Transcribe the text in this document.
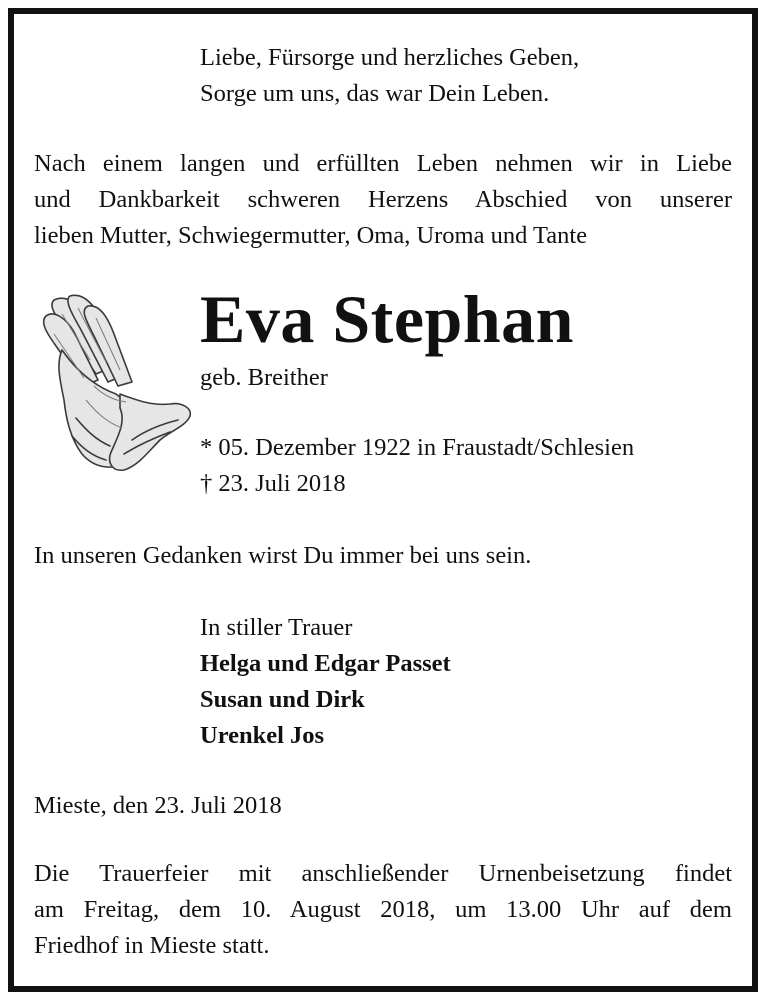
Liebe, Fürsorge und herzliches Geben,
Sorge um uns, das war Dein Leben.
Nach einem langen und erfüllten Leben nehmen wir in Liebe
und Dankbarkeit schweren Herzens Abschied von unserer
lieben Mutter, Schwiegermutter, Oma, Uroma und Tante
Eva Stephan

geb. Breither

* 05. Dezember 1922 in Fraustadt/Schlesien
† 23. Juli 2018

In unseren Gedanken wirst Du immer bei uns sein.

In stiller Trauer
Helga und Edgar Passet
Susan und Dirk
Urenkel Jos

Mieste, den 23. Juli 2018

Die Trauerfeier mit anschließender Urnenbeisetzung findet
am Freitag, dem 10. August 2018, um 13.00 Uhr auf dem
Friedhof in Mieste statt.
